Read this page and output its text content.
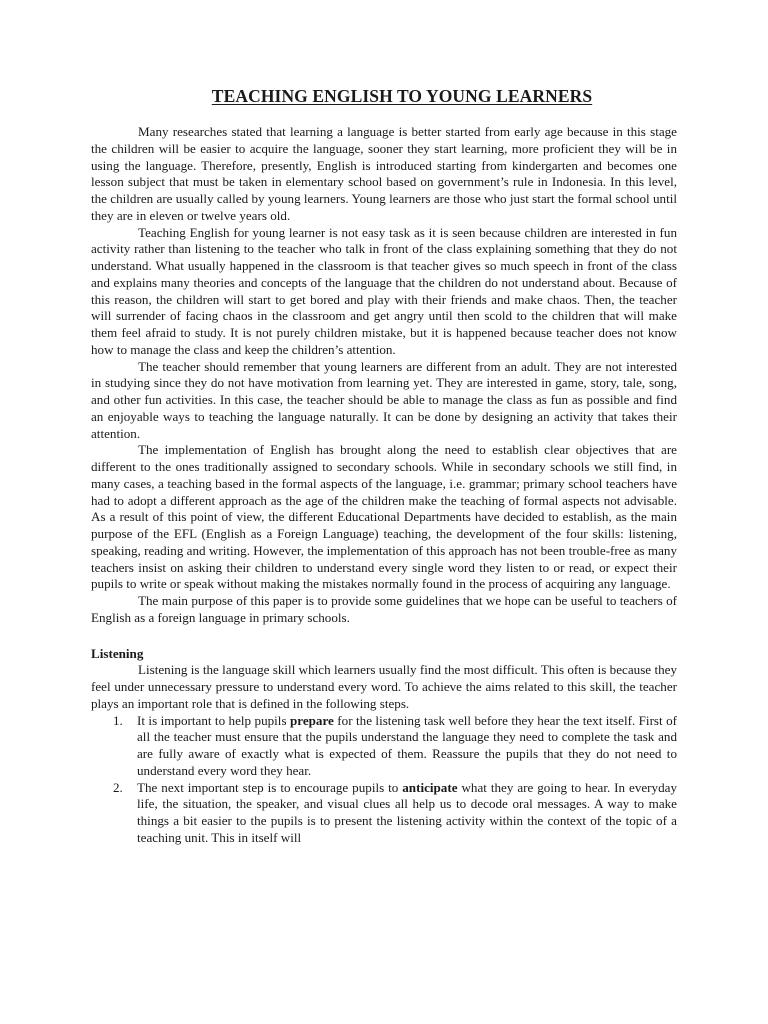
TEACHING ENGLISH TO YOUNG LEARNERS

Many researches stated that learning a language is better started from early age because in this stage the children will be easier to acquire the language, sooner they start learning, more proficient they will be in using the language. Therefore, presently, English is introduced starting from kindergarten and becomes one lesson subject that must be taken in elementary school based on government’s rule in Indonesia. In this level, the children are usually called by young learners. Young learners are those who just start the formal school until they are in eleven or twelve years old.

Teaching English for young learner is not easy task as it is seen because children are interested in fun activity rather than listening to the teacher who talk in front of the class explaining something that they do not understand. What usually happened in the classroom is that teacher gives so much speech in front of the class and explains many theories and concepts of the language that the children do not understand about. Because of this reason, the children will start to get bored and play with their friends and make chaos. Then, the teacher will surrender of facing chaos in the classroom and get angry until then scold to the children that will make them feel afraid to study. It is not purely children mistake, but it is happened because teacher does not know how to manage the class and keep the children’s attention.

The teacher should remember that young learners are different from an adult. They are not interested in studying since they do not have motivation from learning yet. They are interested in game, story, tale, song, and other fun activities. In this case, the teacher should be able to manage the class as fun as possible and find an enjoyable ways to teaching the language naturally. It can be done by designing an activity that takes their attention.

The implementation of English has brought along the need to establish clear objectives that are different to the ones traditionally assigned to secondary schools. While in secondary schools we still find, in many cases, a teaching based in the formal aspects of the language, i.e. grammar; primary school teachers have had to adopt a different approach as the age of the children make the teaching of formal aspects not advisable. As a result of this point of view, the different Educational Departments have decided to establish, as the main purpose of the EFL (English as a Foreign Language) teaching, the development of the four skills: listening, speaking, reading and writing. However, the implementation of this approach has not been trouble-free as many teachers insist on asking their children to understand every single word they listen to or read, or expect their pupils to write or speak without making the mistakes normally found in the process of acquiring any language.

The main purpose of this paper is to provide some guidelines that we hope can be useful to teachers of English as a foreign language in primary schools.

Listening

Listening is the language skill which learners usually find the most difficult. This often is because they feel under unnecessary pressure to understand every word. To achieve the aims related to this skill, the teacher plays an important role that is defined in the following steps.

1. It is important to help pupils prepare for the listening task well before they hear the text itself. First of all the teacher must ensure that the pupils understand the language they need to complete the task and are fully aware of exactly what is expected of them. Reassure the pupils that they do not need to understand every word they hear.
2. The next important step is to encourage pupils to anticipate what they are going to hear. In everyday life, the situation, the speaker, and visual clues all help us to decode oral messages. A way to make things a bit easier to the pupils is to present the listening activity within the context of the topic of a teaching unit. This in itself will
